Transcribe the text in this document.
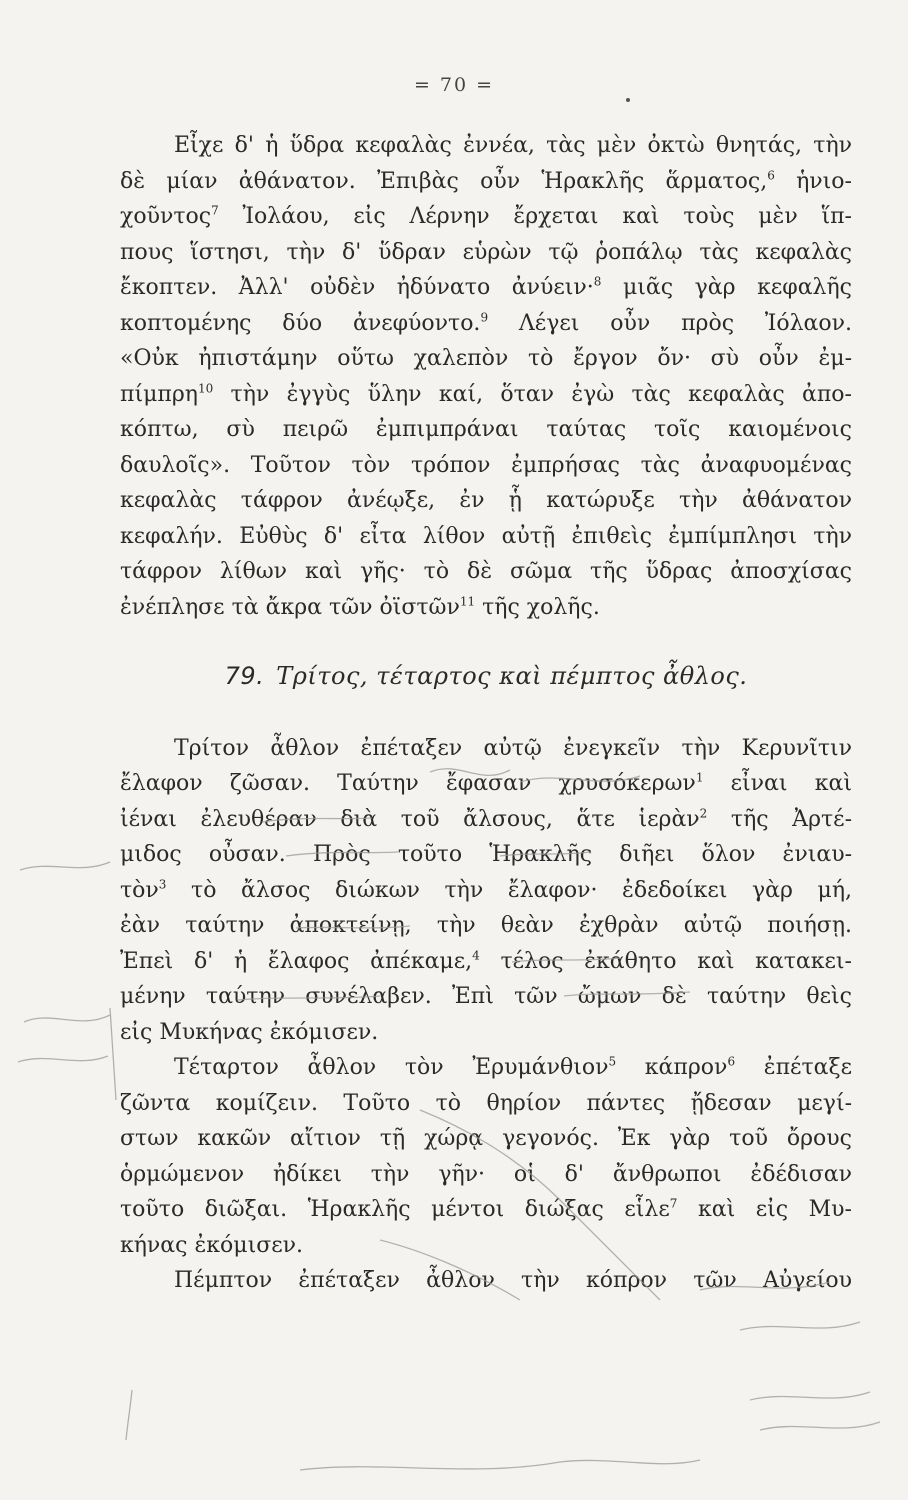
= 70 =

Εἶχε δ' ἡ ὕδρα κεφαλὰς ἐννέα, τὰς μὲν ὀκτὼ θνητάς, τὴν
δὲ μίαν ἀθάνατον. Ἐπιβὰς οὖν Ἡρακλῆς ἅρματος,$^6$ ἡνιο-
χοῦντος$^7$ Ἰολάου, εἰς Λέρνην ἔρχεται καὶ τοὺς μὲν ἵπ-
πους ἵστησι, τὴν δ' ὕδραν εὑρὼν τῷ ῥοπάλῳ τὰς κεφαλὰς
ἔκοπτεν. Ἀλλ' οὐδὲν ἠδύνατο ἀνύειν·$^8$ μιᾶς γὰρ κεφαλῆς
κοπτομένης δύο ἀνεφύοντο.$^9$ Λέγει οὖν πρὸς Ἰόλαον.
«Οὐκ ἠπιστάμην οὕτω χαλεπὸν τὸ ἔργον ὄν· σὺ οὖν ἐμ-
πίμπρη$^{10}$ τὴν ἐγγὺς ὕλην καί, ὅταν ἐγὼ τὰς κεφαλὰς ἀπο-
κόπτω, σὺ πειρῶ ἐμπιμπράναι ταύτας τοῖς καιομένοις
δαυλοῖς». Τοῦτον τὸν τρόπον ἐμπρήσας τὰς ἀναφυομένας
κεφαλὰς τάφρον ἀνέῳξε, ἐν ᾗ κατώρυξε τὴν ἀθάνατον
κεφαλήν. Εὐθὺς δ' εἶτα λίθον αὐτῇ ἐπιθεὶς ἐμπίμπλησι τὴν
τάφρον λίθων καὶ γῆς· τὸ δὲ σῶμα τῆς ὕδρας ἀποσχίσας
ἐνέπλησε τὰ ἄκρα τῶν ὀϊστῶν$^{11}$ τῆς χολῆς.

79. Τρίτος, τέταρτος καὶ πέμπτος ἆθλος.

Τρίτον ἆθλον ἐπέταξεν αὐτῷ ἐνεγκεῖν τὴν Κερυνῖτιν
ἔλαφον ζῶσαν. Ταύτην ἔφασαν χρυσόκερων$^1$ εἶναι καὶ
ἰέναι ἐλευθέραν διὰ τοῦ ἄλσους, ἅτε ἱερὰν$^2$ τῆς Ἀρτέ-
μιδος οὖσαν. Πρὸς τοῦτο Ἡρακλῆς διῆει ὅλον ἐνιαυ-
τὸν$^3$ τὸ ἄλσος διώκων τὴν ἔλαφον· ἐδεδοίκει γὰρ μή,
ἐὰν ταύτην ἀποκτείνῃ, τὴν θεὰν ἐχθρὰν αὐτῷ ποιήσῃ.
Ἐπεὶ δ' ἡ ἔλαφος ἀπέκαμε,$^4$ τέλος ἐκάθητο καὶ κατακει-
μένην ταύτην συνέλαβεν. Ἐπὶ τῶν ὤμων δὲ ταύτην θεὶς
εἰς Μυκήνας ἐκόμισεν.

Τέταρτον ἆθλον τὸν Ἐρυμάνθιον$^5$ κάπρον$^6$ ἐπέταξε
ζῶντα κομίζειν. Τοῦτο τὸ θηρίον πάντες ᾔδεσαν μεγί-
στων κακῶν αἴτιον τῇ χώρᾳ γεγονός. Ἐκ γὰρ τοῦ ὄρους
ὁρμώμενον ἠδίκει τὴν γῆν· οἱ δ' ἄνθρωποι ἐδέδισαν
τοῦτο διῶξαι. Ἡρακλῆς μέντοι διώξας εἷλε$^7$ καὶ εἰς Μυ-
κήνας ἐκόμισεν.

Πέμπτον ἐπέταξεν ἆθλον τὴν κόπρον τῶν Αὐγείου
